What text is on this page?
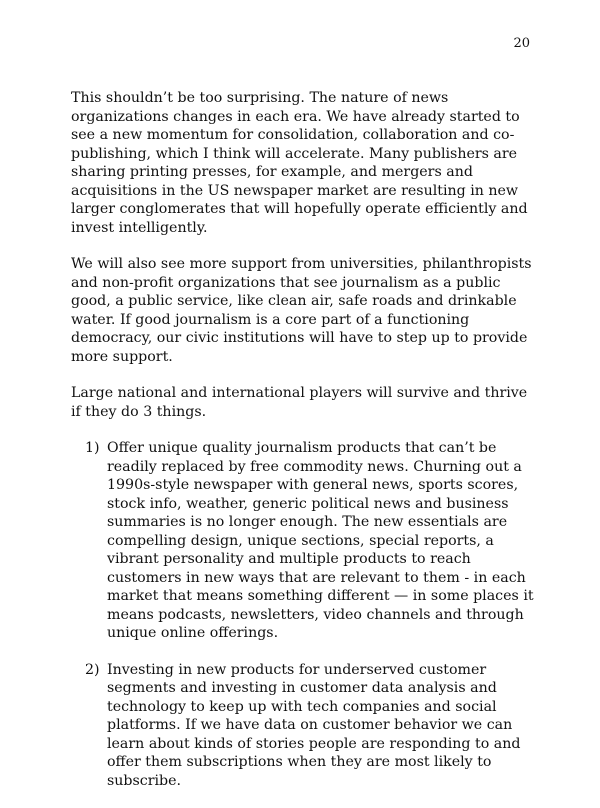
20

This shouldn’t be too surprising. The nature of news organizations changes in each era. We have already started to see a new momentum for consolidation, collaboration and co-publishing, which I think will accelerate. Many publishers are sharing printing presses, for example, and mergers and acquisitions in the US newspaper market are resulting in new larger conglomerates that will hopefully operate efficiently and invest intelligently.

We will also see more support from universities, philanthropists and non-profit organizations that see journalism as a public good, a public service, like clean air, safe roads and drinkable water. If good journalism is a core part of a functioning democracy, our civic institutions will have to step up to provide more support.

Large national and international players will survive and thrive if they do 3 things.

1) Offer unique quality journalism products that can’t be readily replaced by free commodity news. Churning out a 1990s-style newspaper with general news, sports scores, stock info, weather, generic political news and business summaries is no longer enough. The new essentials are compelling design, unique sections, special reports, a vibrant personality and multiple products to reach customers in new ways that are relevant to them - in each market that means something different — in some places it means podcasts, newsletters, video channels and through unique online offerings.
2) Investing in new products for underserved customer segments and investing in customer data analysis and technology to keep up with tech companies and social platforms. If we have data on customer behavior we can learn about kinds of stories people are responding to and offer them subscriptions when they are most likely to subscribe.
